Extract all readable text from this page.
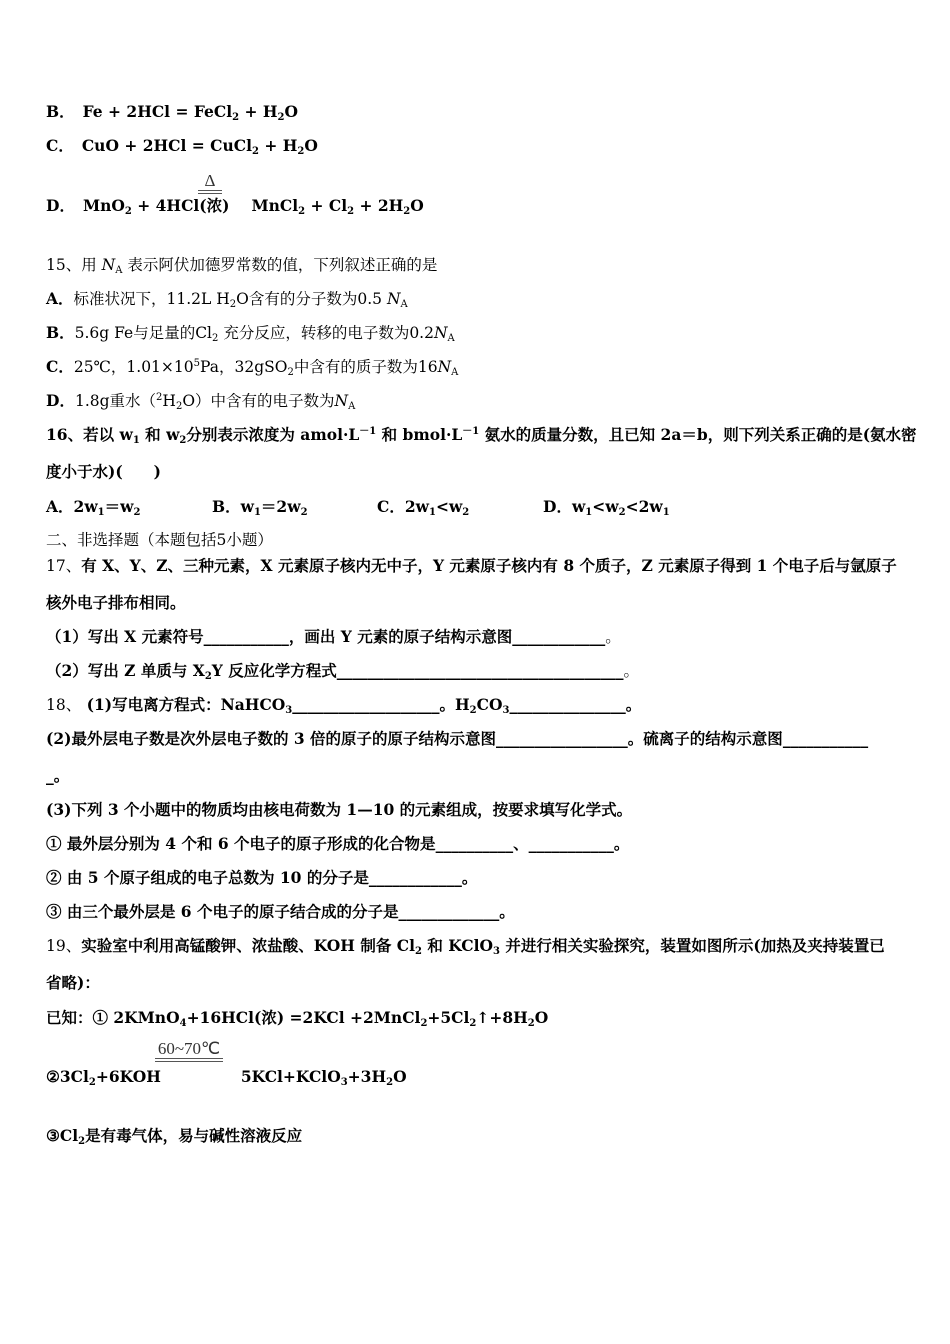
B． Fe + 2HCl = FeCl$_2$ + $H_2O$
C． CuO + 2HCl = CuCl$_2$ + $H_2O$
Δ
D． MnO$_2$ + 4HCl(浓) MnCl$_2$ + $Cl_2 + 2H_2O$
15、用 $N_A$ 表示阿伏加德罗常数的值，下列叙述正确的是
A．标准状况下，11.2L $H_2O$含有的分子数为0.5 $N_A$
B．5.6g Fe与足量的$Cl_2$ 充分反应，转移的电子数为$0.2N_A$
C．25℃，$1.01\times 10^5Pa$，32gSO$_2$中含有的质子数为$16N_A$
D．1.8g重水$(^2H_2O)$中含有的电子数为$N_A$
16、若以 $w_1$ 和 $w_2$分别表示浓度为 $amol\cdot L^{-1}$ 和 $bmol\cdot L^{-1}$ 氨水的质量分数，且已知 2a＝b，则下列关系正确的是(氨水密
度小于水)(　　)
A．$2w_1=w_2$	B．$w_1=2w_2$	C．$2w_1<w_2$	D．$w_1<w_2<2w_1$
二、非选择题（本题包括5小题）
17、有 X、Y、Z、三种元素，X 元素原子核内无中子，Y 元素原子核内有 8 个质子，Z 元素原子得到 1 个电子后与氩原子
核外电子排布相同。
（1）写出 X 元素符号___________，画出 Y 元素的原子结构示意图____________。
（2）写出 Z 单质与 $X_2Y$ 反应化学方程式_____________________________________。
18、 (1)写电离方程式：NaHCO$_3$___________________。$H_2CO_3\_\_\_\_\_\_\_\_\_\_\_\_\_\_\_$。
(2)最外层电子数是次外层电子数的 3 倍的原子的原子结构示意图_________________。硫离子的结构示意图___________
_。
(3)下列 3 个小题中的物质均由核电荷数为 1—10 的元素组成，按要求填写化学式。
① 最外层分别为 4 个和 6 个电子的原子形成的化合物是__________、___________。
② 由 5 个原子组成的电子总数为 10 的分子是____________。
③ 由三个最外层是 6 个电子的原子结合成的分子是_____________。
19、实验室中利用高锰酸钾、浓盐酸、KOH 制备 $Cl_2$ 和 KClO$_3$ 并进行相关实验探究，装置如图所示(加热及夹持装置已
省略)：
已知：① 2KMnO$_4$+16HCl(浓) $=2KCl +2MnCl_2+5Cl_2↑+8H_2O$
60~70℃
$②3Cl_2+6KOH$	$5KCl+KClO_3+3H_2O$
$③Cl_2$是有毒气体，易与碱性溶液反应
